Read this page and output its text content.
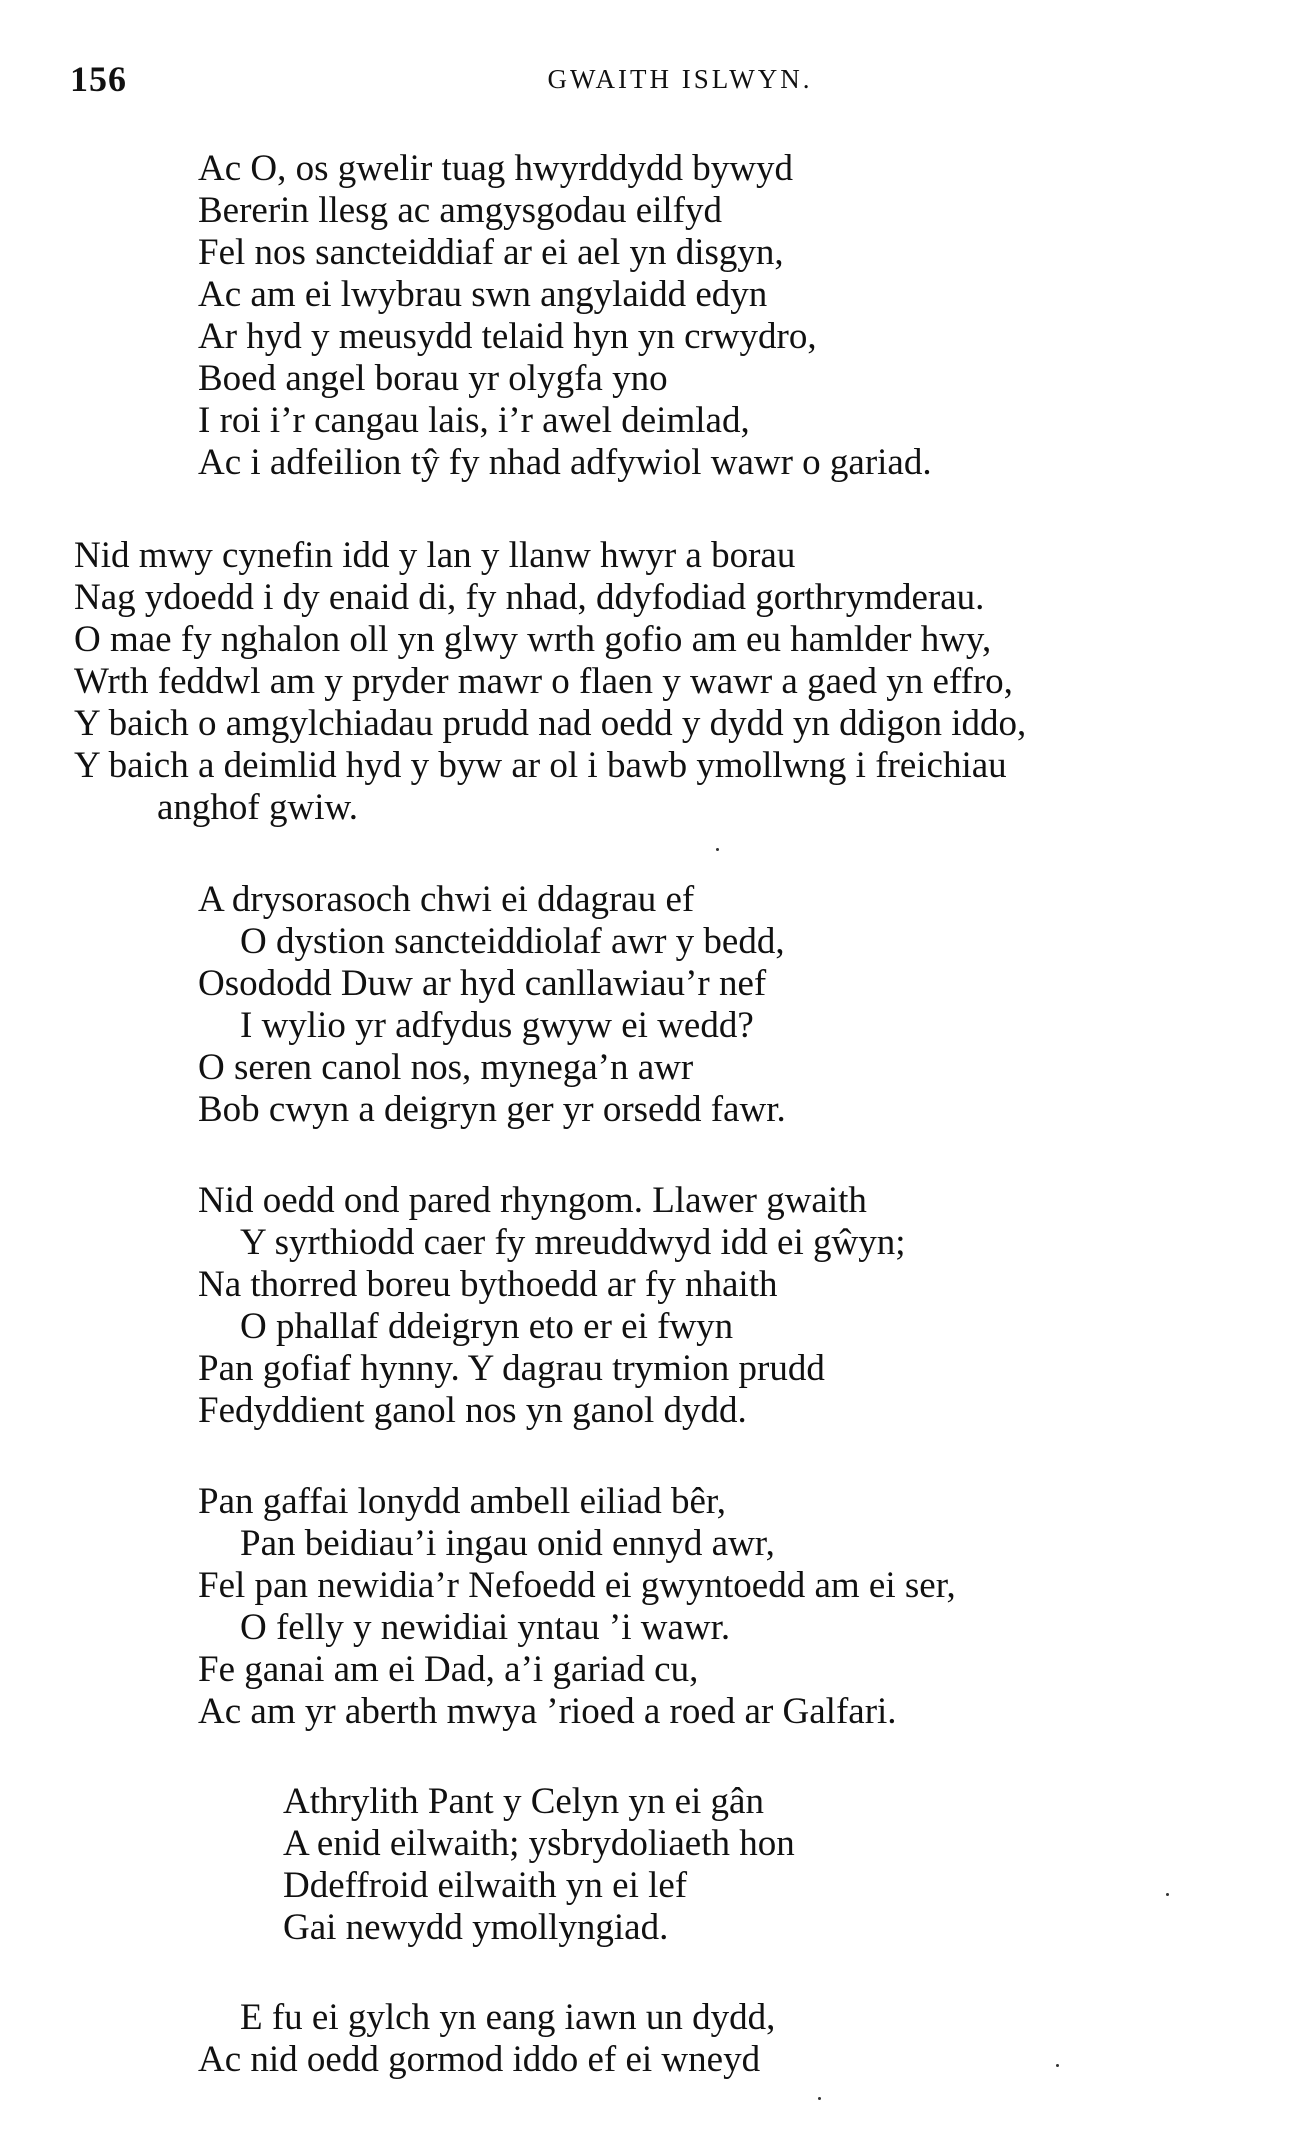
156	GWAITH ISLWYN.
Ac O, os gwelir tuag hwyrddydd bywyd
Bererin llesg ac amgysgodau eilfyd
Fel nos sancteiddiaf ar ei ael yn disgyn,
Ac am ei lwybrau swn angylaidd edyn
Ar hyd y meusydd telaid hyn yn crwydro,
Boed angel borau yr olygfa yno
I roi i’r cangau lais, i’r awel deimlad,
Ac i adfeilion tŷ fy nhad adfywiol wawr o gariad.
Nid mwy cynefin idd y lan y llanw hwyr a borau
Nag ydoedd i dy enaid di, fy nhad, ddyfodiad gorthrymderau.
O mae fy nghalon oll yn glwy wrth gofio am eu hamlder hwy,
Wrth feddwl am y pryder mawr o flaen y wawr a gaed yn effro,
Y baich o amgylchiadau prudd nad oedd y dydd yn ddigon iddo,
Y baich a deimlid hyd y byw ar ol i bawb ymollwng i freichiau
anghof gwiw.
A drysorasoch chwi ei ddagrau ef
O dystion sancteiddiolaf awr y bedd,
Osododd Duw ar hyd canllawiau’r nef
I wylio yr adfydus gwyw ei wedd?
O seren canol nos, mynega’n awr
Bob cwyn a deigryn ger yr orsedd fawr.
Nid oedd ond pared rhyngom. Llawer gwaith
Y syrthiodd caer fy mreuddwyd idd ei gŵyn;
Na thorred boreu bythoedd ar fy nhaith
O phallaf ddeigryn eto er ei fwyn
Pan gofiaf hynny. Y dagrau trymion prudd
Fedyddient ganol nos yn ganol dydd.
Pan gaffai lonydd ambell eiliad bêr,
Pan beidiau’i ingau onid ennyd awr,
Fel pan newidia’r Nefoedd ei gwyntoedd am ei ser,
O felly y newidiai yntau ’i wawr.
Fe ganai am ei Dad, a’i gariad cu,
Ac am yr aberth mwya ’rioed a roed ar Galfari.
Athrylith Pant y Celyn yn ei gân
A enid eilwaith; ysbrydoliaeth hon
Ddeffroid eilwaith yn ei lef
Gai newydd ymollyngiad.
E fu ei gylch yn eang iawn un dydd,
Ac nid oedd gormod iddo ef ei wneyd
